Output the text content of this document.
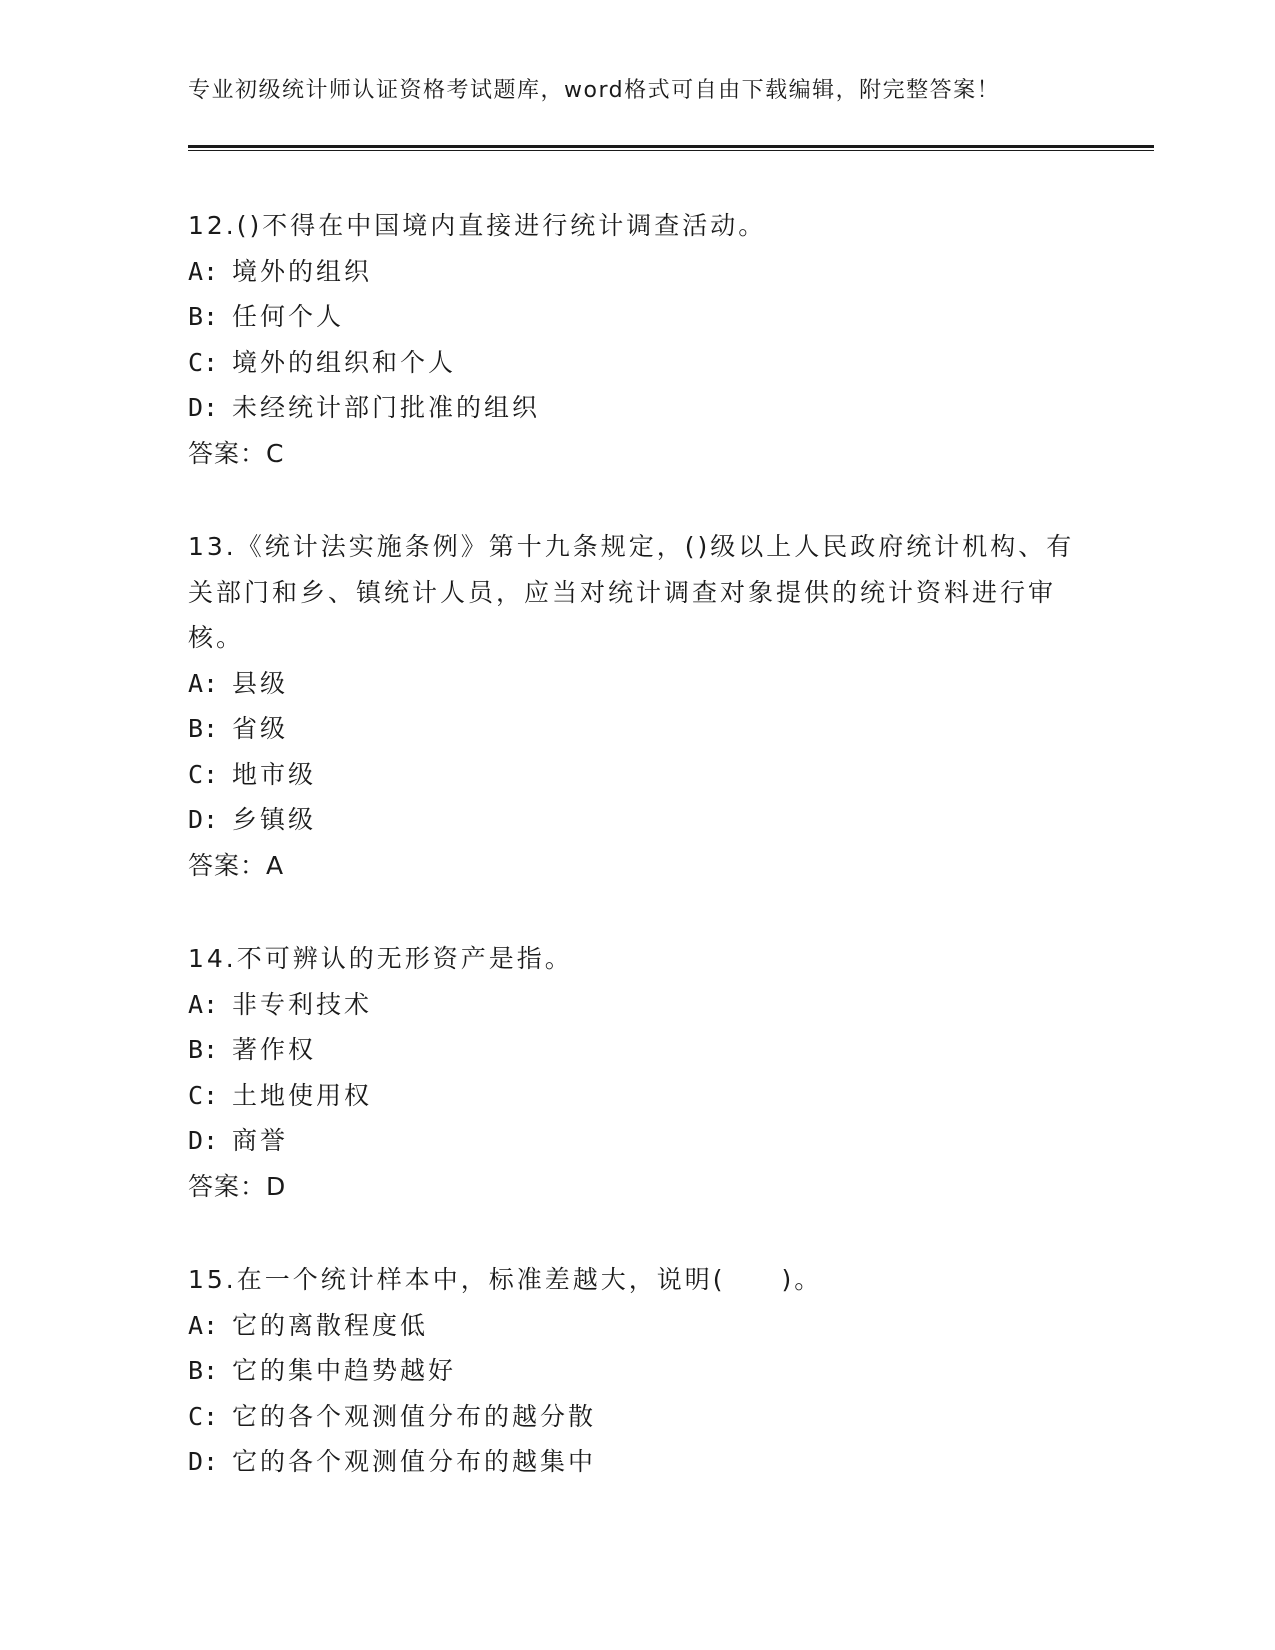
专业初级统计师认证资格考试题库，word格式可自由下载编辑，附完整答案！

12.()不得在中国境内直接进行统计调查活动。

A: 境外的组织

B: 任何个人

C: 境外的组织和个人

D: 未经统计部门批准的组织

答案：C

13.《统计法实施条例》第十九条规定，()级以上人民政府统计机构、有关部门和乡、镇统计人员，应当对统计调查对象提供的统计资料进行审核。

A: 县级

B: 省级

C: 地市级

D: 乡镇级

答案：A

14.不可辨认的无形资产是指。

A: 非专利技术

B: 著作权

C: 土地使用权

D: 商誉

答案：D

15.在一个统计样本中，标准差越大，说明(　　)。

A: 它的离散程度低

B: 它的集中趋势越好

C: 它的各个观测值分布的越分散

D: 它的各个观测值分布的越集中
